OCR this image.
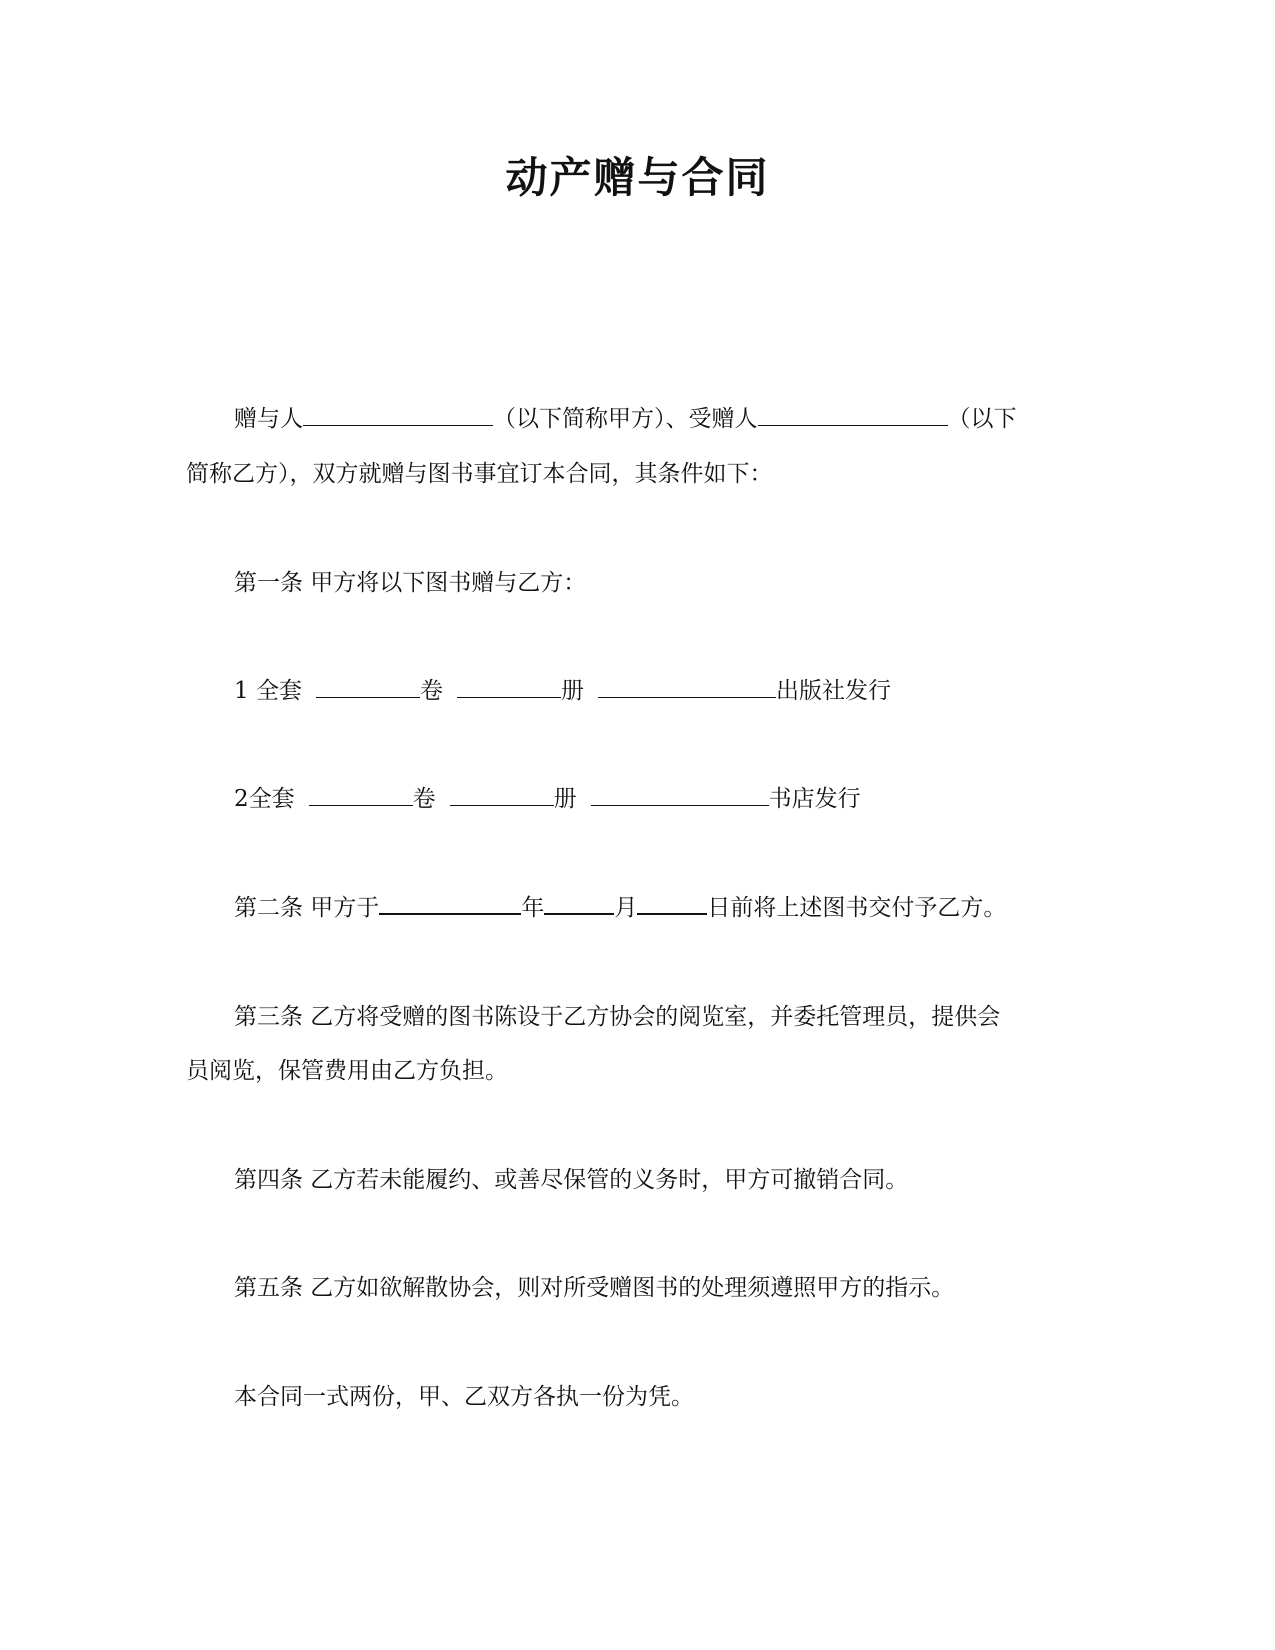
动产赠与合同
赠与人	（以下简称甲方）、受赠人	（以下
简称乙方），双方就赠与图书事宜订本合同，其条件如下：
第一条 甲方将以下图书赠与乙方：
1 全套	卷	册	出版社发行
2全套	卷	册	书店发行
第二条 甲方于	年	月	日前将上述图书交付予乙方。
第三条 乙方将受赠的图书陈设于乙方协会的阅览室，并委托管理员，提供会
员阅览，保管费用由乙方负担。
第四条 乙方若未能履约、或善尽保管的义务时，甲方可撤销合同。
第五条 乙方如欲解散协会，则对所受赠图书的处理须遵照甲方的指示。
本合同一式两份，甲、乙双方各执一份为凭。
